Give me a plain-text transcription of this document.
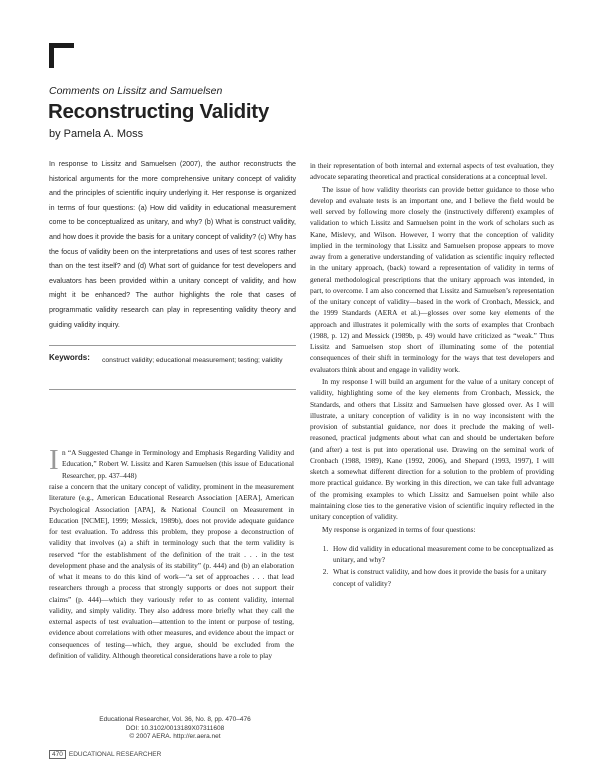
Comments on Lissitz and Samuelsen
Reconstructing Validity
by Pamela A. Moss

In response to Lissitz and Samuelsen (2007), the author reconstructs the historical arguments for the more comprehensive unitary concept of validity and the principles of scientific inquiry underlying it. Her response is organized in terms of four questions: (a) How did validity in educational measurement come to be conceptualized as unitary, and why? (b) What is construct validity, and how does it provide the basis for a unitary concept of validity? (c) Why has the focus of validity been on the interpretations and uses of test scores rather than on the test itself? and (d) What sort of guidance for test developers and evaluators has been provided within a unitary concept of validity, and how might it be enhanced? The author highlights the role that cases of programmatic validity research can play in representing validity theory and guiding validity inquiry.

Keywords: construct validity; educational measurement; testing; validity

I n “A Suggested Change in Terminology and Emphasis Regarding Validity and Education,” Robert W. Lissitz and Karen Samuelsen (this issue of Educational Researcher, pp. 437–448)

raise a concern that the unitary concept of validity, prominent in the measurement literature (e.g., American Educational Research Association [AERA], American Psychological Association [APA], & National Council on Measurement in Education [NCME], 1999; Messick, 1989b), does not provide adequate guidance for test evaluation. To address this problem, they propose a deconstruction of validity that involves (a) a shift in terminology such that the term validity is reserved “for the establishment of the definition of the trait . . . in the test development phase and the analysis of its stability” (p. 444) and (b) an elaboration of what it means to do this kind of work—“a set of approaches . . . that lead researchers through a process that strongly supports or does not support their claims” (p. 444)—which they variously refer to as content validity, internal validity, and simply validity. They also address more briefly what they call the external aspects of test evaluation—attention to the intent or purpose of testing, evidence about correlations with other measures, and evidence about the impact or consequences of testing—which, they argue, should be excluded from the definition of validity. Although theoretical considerations have a role to play

in their representation of both internal and external aspects of test evaluation, they advocate separating theoretical and practical considerations at a conceptual level.

The issue of how validity theorists can provide better guidance to those who develop and evaluate tests is an important one, and I believe the field would be well served by following more closely the (instructively different) examples of validation to which Lissitz and Samuelsen point in the work of scholars such as Kane, Mislevy, and Wilson. However, I worry that the conception of validity implied in the terminology that Lissitz and Samuelsen propose appears to move away from a generative understanding of validation as scientific inquiry reflected in the unitary approach, (back) toward a representation of validity in terms of general methodological prescriptions that the unitary approach was intended, in part, to overcome. I am also concerned that Lissitz and Samuelsen’s representation of the unitary concept of validity—based in the work of Cronbach, Messick, and the 1999 Standards (AERA et al.)—glosses over some key elements of the approach and illustrates it polemically with the sorts of examples that Cronbach (1988, p. 12) and Messick (1989b, p. 49) would have criticized as “weak.” Thus Lissitz and Samuelsen stop short of illuminating some of the potential consequences of their shift in terminology for the ways that test developers and evaluators think about and engage in validity work.

In my response I will build an argument for the value of a unitary concept of validity, highlighting some of the key elements from Cronbach, Messick, the Standards, and others that Lissitz and Samuelsen have glossed over. As I will illustrate, a unitary conception of validity is in no way inconsistent with the provision of substantial guidance, nor does it preclude the making of well-reasoned, practical judgments about what can and should be undertaken before (and after) a test is put into operational use. Drawing on the seminal work of Cronbach (1988, 1989), Kane (1992, 2006), and Shepard (1993, 1997), I will sketch a somewhat different direction for a solution to the problem of providing more practical guidance. By working in this direction, we can take full advantage of the promising examples to which Lissitz and Samuelsen point while also maintaining close ties to the generative vision of scientific inquiry reflected in the unitary conception of validity.

My response is organized in terms of four questions:

1. How did validity in educational measurement come to be conceptualized as unitary, and why?
2. What is construct validity, and how does it provide the basis for a unitary concept of validity?
Educational Researcher, Vol. 36, No. 8, pp. 470–476
DOI: 10.3102/0013189X07311608
© 2007 AERA. http://er.aera.net
470 EDUCATIONAL RESEARCHER
